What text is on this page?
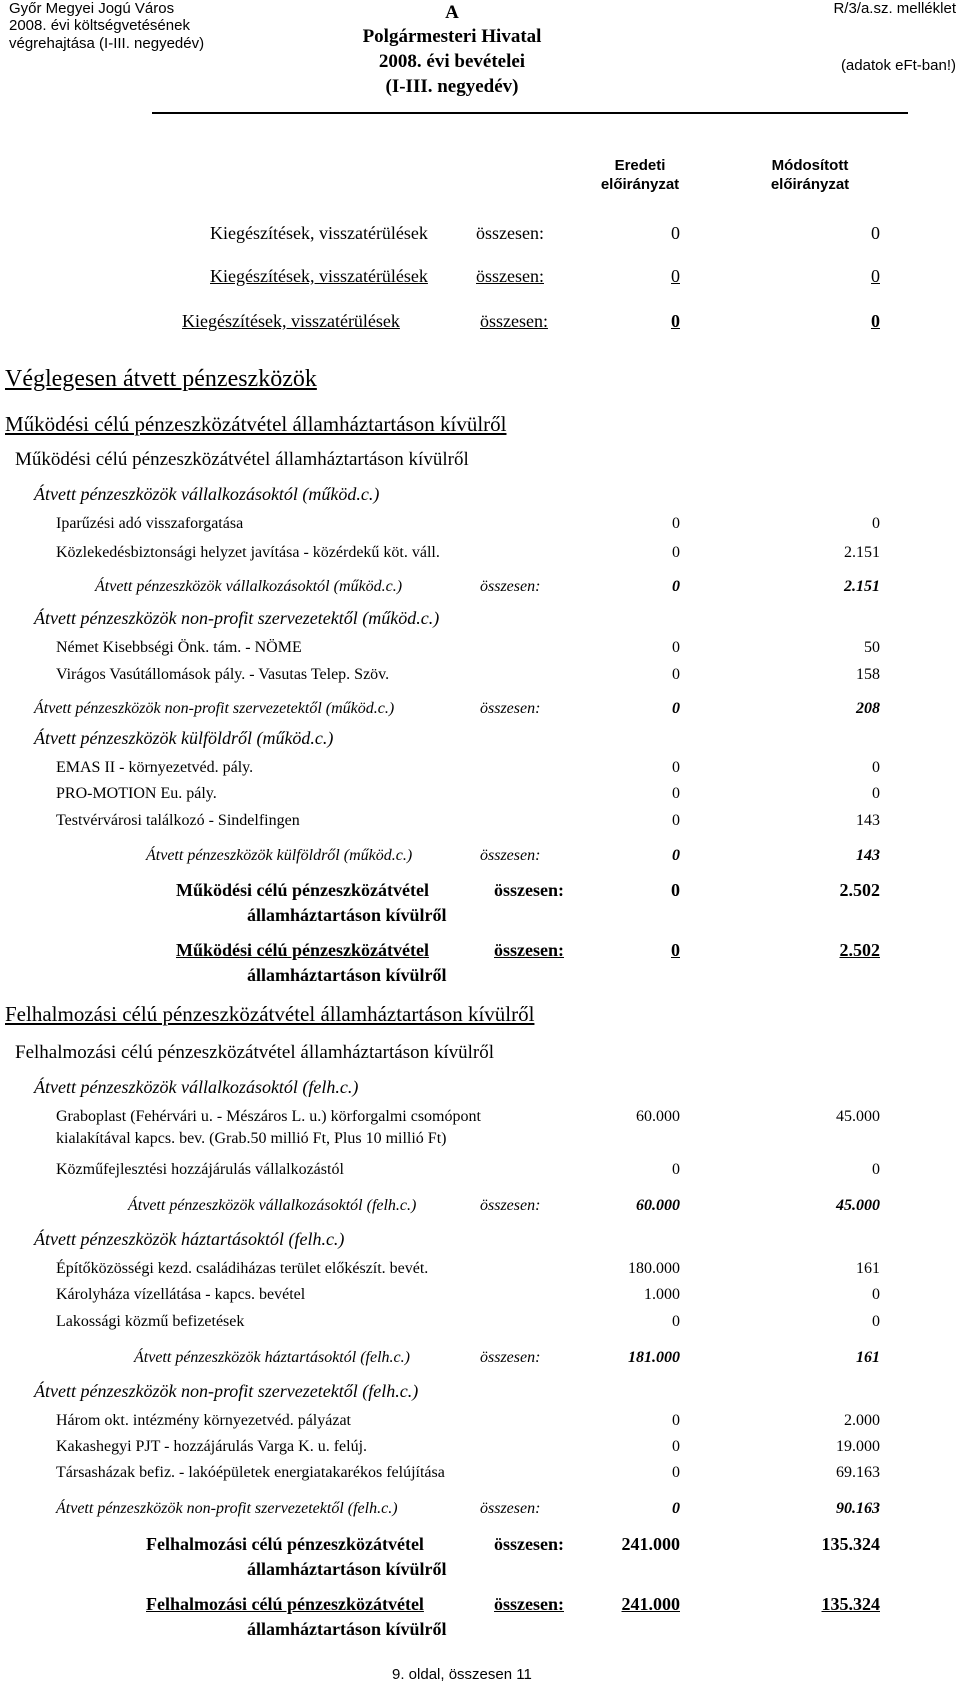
Győr Megyei Jogú Város
2008. évi költségvetésének
végrehajtása (I-III. negyedév)
A
Polgármesteri Hivatal
2008. évi bevételei
(I-III. negyedév)
R/3/a.sz. melléklet
(adatok eFt-ban!)
Eredeti
előirányzat
Módosított
előirányzat
Kiegészítések, visszatérülések	összesen:	0	0
Kiegészítések, visszatérülések	összesen:	0	0
Kiegészítések, visszatérülések	összesen:	0	0
Véglegesen átvett pénzeszközök
Működési célú pénzeszközátvétel államháztartáson kívülről
Működési célú pénzeszközátvétel államháztartáson kívülről
Átvett pénzeszközök vállalkozásoktól (működ.c.)
Iparűzési adó visszaforgatása	0	0
Közlekedésbiztonsági helyzet javítása - közérdekű köt. váll.	0	2.151
Átvett pénzeszközök vállalkozásoktól (működ.c.)	összesen:	0	2.151
Átvett pénzeszközök non-profit szervezetektől (működ.c.)
Német Kisebbségi Önk. tám. - NÖME	0	50
Virágos Vasútállomások pály. - Vasutas Telep. Szöv.	0	158
Átvett pénzeszközök non-profit szervezetektől (működ.c.)	összesen:	0	208
Átvett pénzeszközök külföldről (működ.c.)
EMAS II - környezetvéd. pály.	0	0
PRO-MOTION Eu. pály.	0	0
Testvérvárosi találkozó - Sindelfingen	0	143
Átvett pénzeszközök külföldről (működ.c.)	összesen:	0	143
Működési célú pénzeszközátvétel
államháztartáson kívülről
összesen:	0	2.502
Működési célú pénzeszközátvétel
államháztartáson kívülről
összesen:	0	2.502
Felhalmozási célú pénzeszközátvétel államháztartáson kívülről
Felhalmozási célú pénzeszközátvétel államháztartáson kívülről
Átvett pénzeszközök vállalkozásoktól (felh.c.)
Graboplast (Fehérvári u. - Mészáros L. u.) körforgalmi csomópont
kialakítával kapcs. bev. (Grab.50 millió Ft, Plus 10 millió Ft)
60.000	45.000
Közműfejlesztési hozzájárulás vállalkozástól	0	0
Átvett pénzeszközök vállalkozásoktól (felh.c.)	összesen:	60.000	45.000
Átvett pénzeszközök háztartásoktól (felh.c.)
Építőközösségi kezd. családiházas terület előkészít. bevét.	180.000	161
Károlyháza vízellátása - kapcs. bevétel	1.000	0
Lakossági közmű befizetések	0	0
Átvett pénzeszközök háztartásoktól (felh.c.)	összesen:	181.000	161
Átvett pénzeszközök non-profit szervezetektől (felh.c.)
Három okt. intézmény környezetvéd. pályázat	0	2.000
Kakashegyi PJT - hozzájárulás Varga K. u. felúj.	0	19.000
Társasházak befiz. - lakóépületek energiatakarékos felújítása	0	69.163
Átvett pénzeszközök non-profit szervezetektől (felh.c.)	összesen:	0	90.163
Felhalmozási célú pénzeszközátvétel
államháztartáson kívülről
összesen:	241.000	135.324
Felhalmozási célú pénzeszközátvétel
államháztartáson kívülről
összesen:	241.000	135.324
9. oldal, összesen 11
